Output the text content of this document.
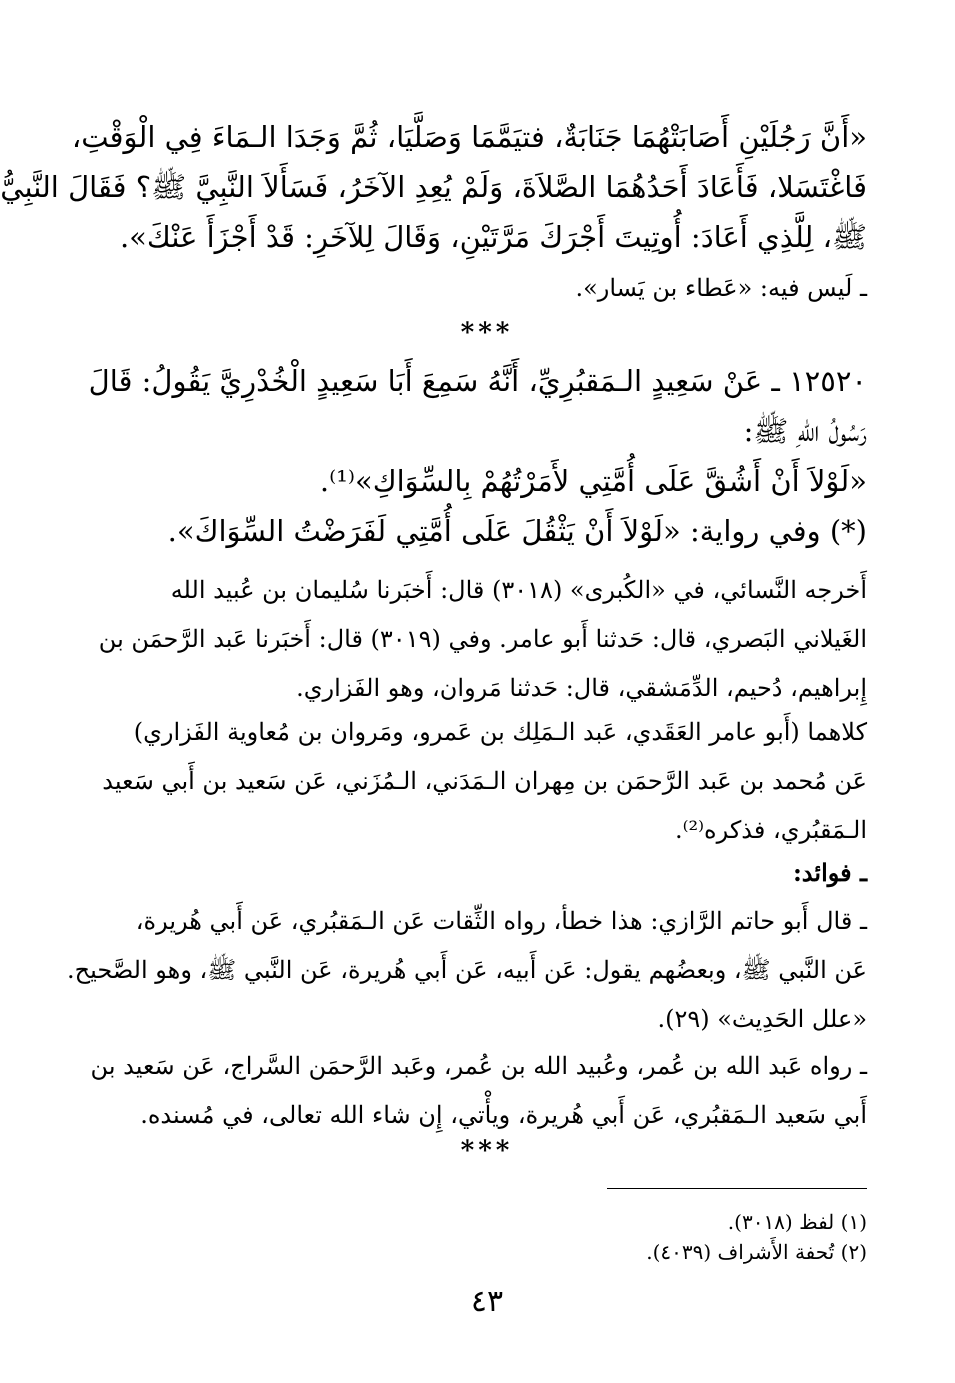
«أَنَّ رَجُلَيْنِ أَصَابَتْهُمَا جَنَابَةٌ، فتيَمَّمَا وَصَلَّيَا، ثُمَّ وَجَدَا الـمَاءَ فِي الْوَقْتِ،
فَاغْتَسَلا، فَأَعَادَ أَحَدُهُمَا الصَّلاَةَ، وَلَمْ يُعِدِ الآخَرُ، فَسَأَلاَ النَّبِيَّ ﷺ؟ فَقَالَ النَّبِيُّ
ﷺ، لِلَّذِي أَعَادَ: أُوتِيتَ أَجْرَكَ مَرَّتَيْنِ، وَقَالَ لِلآخَرِ: قَدْ أَجْزَأَ عَنْكَ».
ـ لَيس فيه: «عَطاء بن يَسار».
***
١٢٥٢٠ ـ عَنْ سَعِيدٍ الـمَقبُرِيِّ، أَنَّهُ سَمِعَ أَبَا سَعِيدٍ الْخُدْرِيَّ يَقُولُ: قَالَ
رَسُولُ اللهِ ﷺ:
«لَوْلاَ أَنْ أَشُقَّ عَلَى أُمَّتِي لأَمَرْتُهُمْ بِالسِّوَاكِ»⁽¹⁾.
(*) وفي رواية: «لَوْلاَ أَنْ يَثْقُلَ عَلَى أُمَّتِي لَفَرَضْتُ السِّوَاكَ».
أَخرجه النَّسائي، في «الكُبرى» (٣٠١٨) قال: أَخبَرنا سُليمان بن عُبيد الله
الغَيلاني البَصري، قال: حَدثنا أَبو عامر. وفي (٣٠١٩) قال: أَخبَرنا عَبد الرَّحمَن بن
إِبراهيم، دُحيم، الدِّمَشقي، قال: حَدثنا مَروان، وهو الفَزاري.
كلاهما (أَبو عامر العَقَدي، عَبد الـمَلِك بن عَمرو، ومَروان بن مُعاوية الفَزاري)
عَن مُحمد بن عَبد الرَّحمَن بن مِهران الـمَدَني، الـمُزَني، عَن سَعيد بن أَبي سَعيد
الـمَقبُري، فذكره⁽²⁾.
ـ فوائد:
ـ قال أَبو حاتم الرَّازي: هذا خطأ، رواه الثِّقات عَن الـمَقبُري، عَن أَبي هُريرة،
عَن النَّبي ﷺ، وبعضُهم يقول: عَن أَبيه، عَن أَبي هُريرة، عَن النَّبي ﷺ، وهو الصَّحيح.
«علل الحَدِيث» (٢٩).
ـ رواه عَبد الله بن عُمر، وعُبيد الله بن عُمر، وعَبد الرَّحمَن السَّراج، عَن سَعيد بن
أَبي سَعيد الـمَقبُري، عَن أَبي هُريرة، ويأْتي، إِن شاء الله تعالى، في مُسنده.
***
(١) لفظ (٣٠١٨).
(٢) تُحفة الأَشراف (٤٠٣٩).
٤٣
